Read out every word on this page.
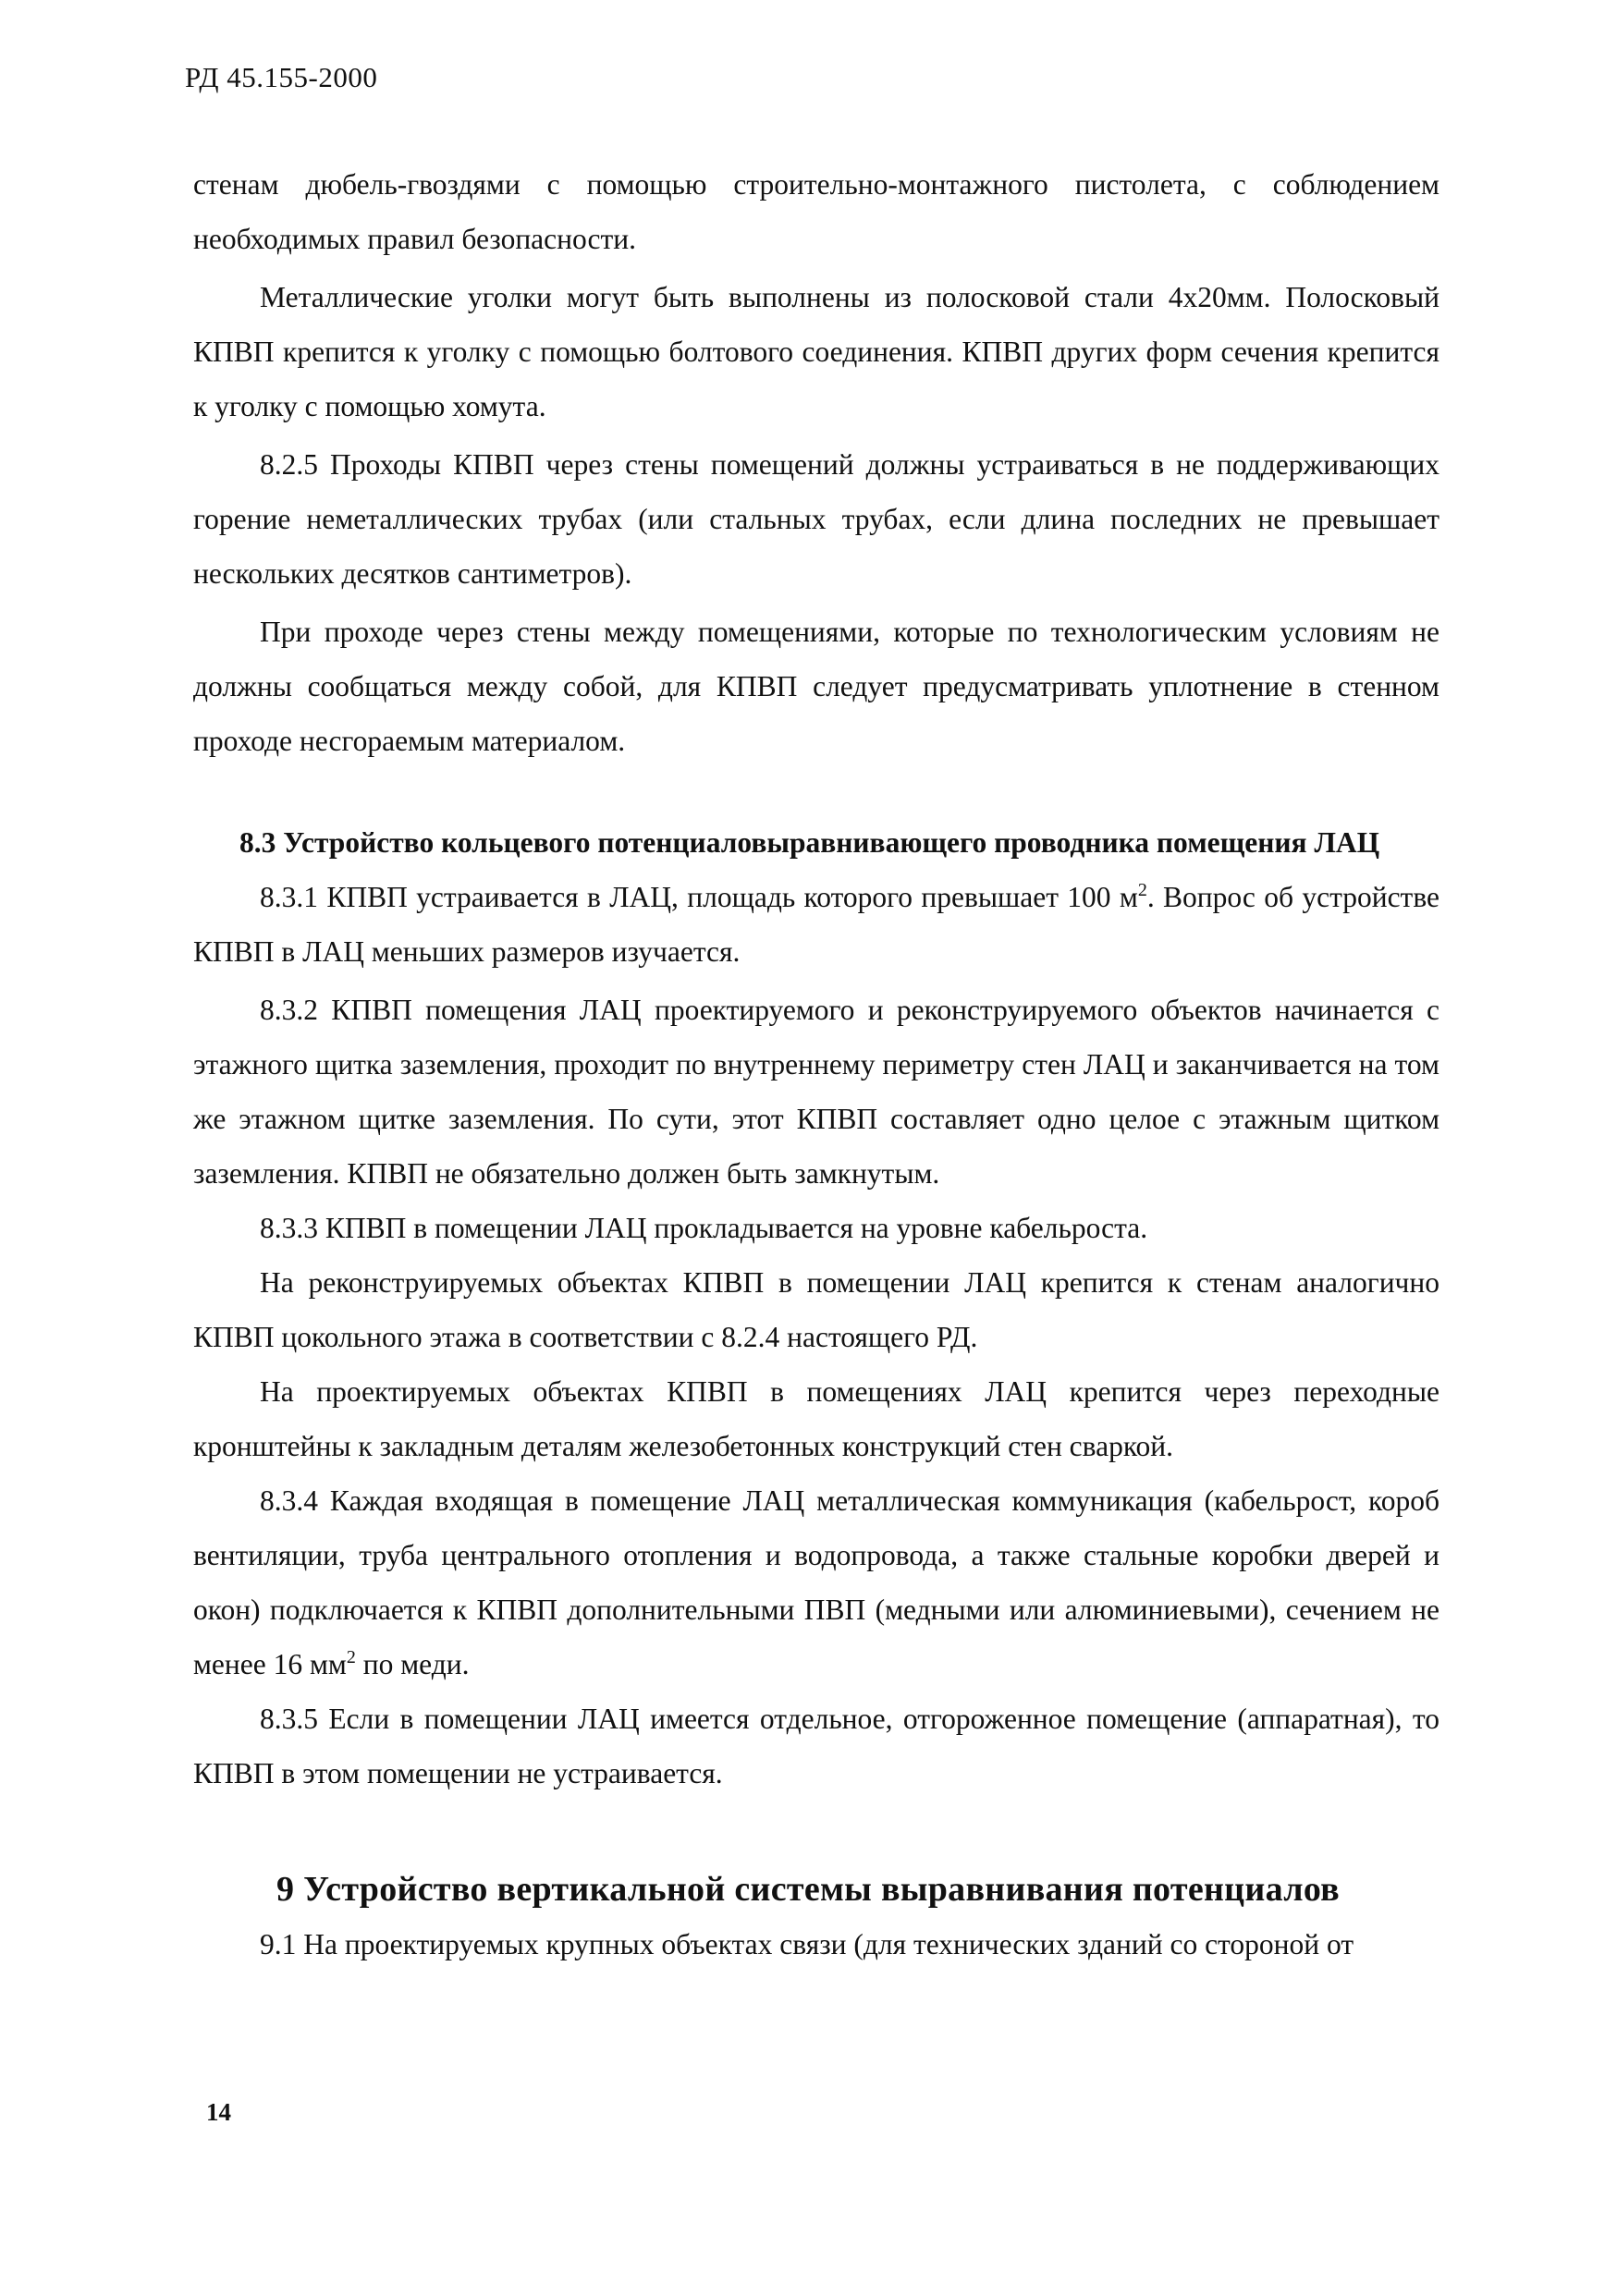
РД 45.155-2000

стенам дюбель-гвоздями с помощью строительно-монтажного пистолета, с соблюдением необходимых правил безопасности.

Металлические уголки могут быть выполнены из полосковой стали 4х20мм. Полосковый КПВП крепится к уголку с помощью болтового соединения. КПВП других форм сечения крепится к уголку с помощью хомута.

8.2.5 Проходы КПВП через стены помещений должны устраиваться в не поддерживающих горение неметаллических трубах (или стальных трубах, если длина последних не превышает нескольких десятков сантиметров).

При проходе через стены между помещениями, которые по технологическим условиям не должны сообщаться между собой, для КПВП следует предусматривать уплотнение в стенном проходе несгораемым материалом.

8.3 Устройство кольцевого потенциаловыравнивающего проводника помещения ЛАЦ

8.3.1 КПВП устраивается в ЛАЦ, площадь которого превышает 100 $м^2$. Вопрос об устройстве КПВП в ЛАЦ меньших размеров изучается.

8.3.2 КПВП помещения ЛАЦ проектируемого и реконструируемого объектов начинается с этажного щитка заземления, проходит по внутреннему периметру стен ЛАЦ и заканчивается на том же этажном щитке заземления. По сути, этот КПВП составляет одно целое с этажным щитком заземления. КПВП не обязательно должен быть замкнутым.

8.3.3 КПВП в помещении ЛАЦ прокладывается на уровне кабельроста.

На реконструируемых объектах КПВП в помещении ЛАЦ крепится к стенам аналогично КПВП цокольного этажа в соответствии с 8.2.4 настоящего РД.

На проектируемых объектах КПВП в помещениях ЛАЦ крепится через переходные кронштейны к закладным деталям железобетонных конструкций стен сваркой.

8.3.4 Каждая входящая в помещение ЛАЦ металлическая коммуникация (кабельрост, короб вентиляции, труба центрального отопления и водопровода, а также стальные коробки дверей и окон) подключается к КПВП дополнительными ПВП (медными или алюминиевыми), сечением не менее 16 $мм^2$ по меди.

8.3.5 Если в помещении ЛАЦ имеется отдельное, отгороженное помещение (аппаратная), то КПВП в этом помещении не устраивается.

9 Устройство вертикальной системы выравнивания потенциалов

9.1 На проектируемых крупных объектах связи (для технических зданий со стороной от

14
